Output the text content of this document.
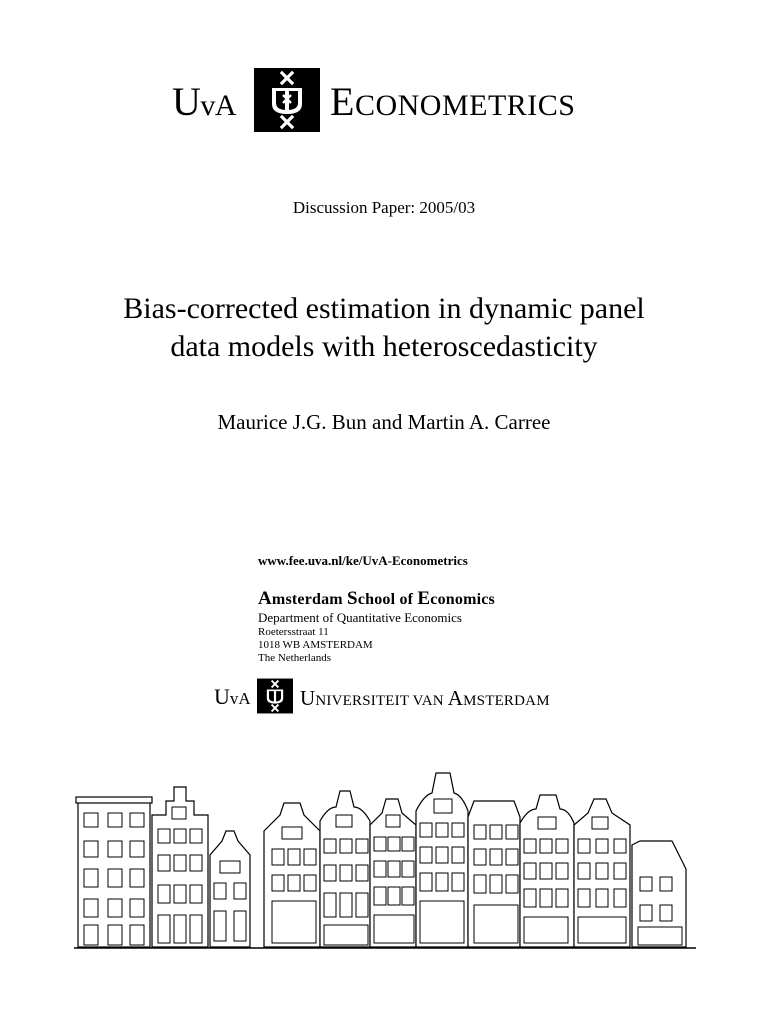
UvA ECONOMETRICS
Discussion Paper: 2005/03
Bias-corrected estimation in dynamic panel
data models with heteroscedasticity
Maurice J.G. Bun and Martin A. Carree
www.fee.uva.nl/ke/UvA-Econometrics
Amsterdam School of Economics
Department of Quantitative Economics
Roetersstraat 11
1018 WB AMSTERDAM
The Netherlands
UvA UNIVERSITEIT VAN AMSTERDAM
